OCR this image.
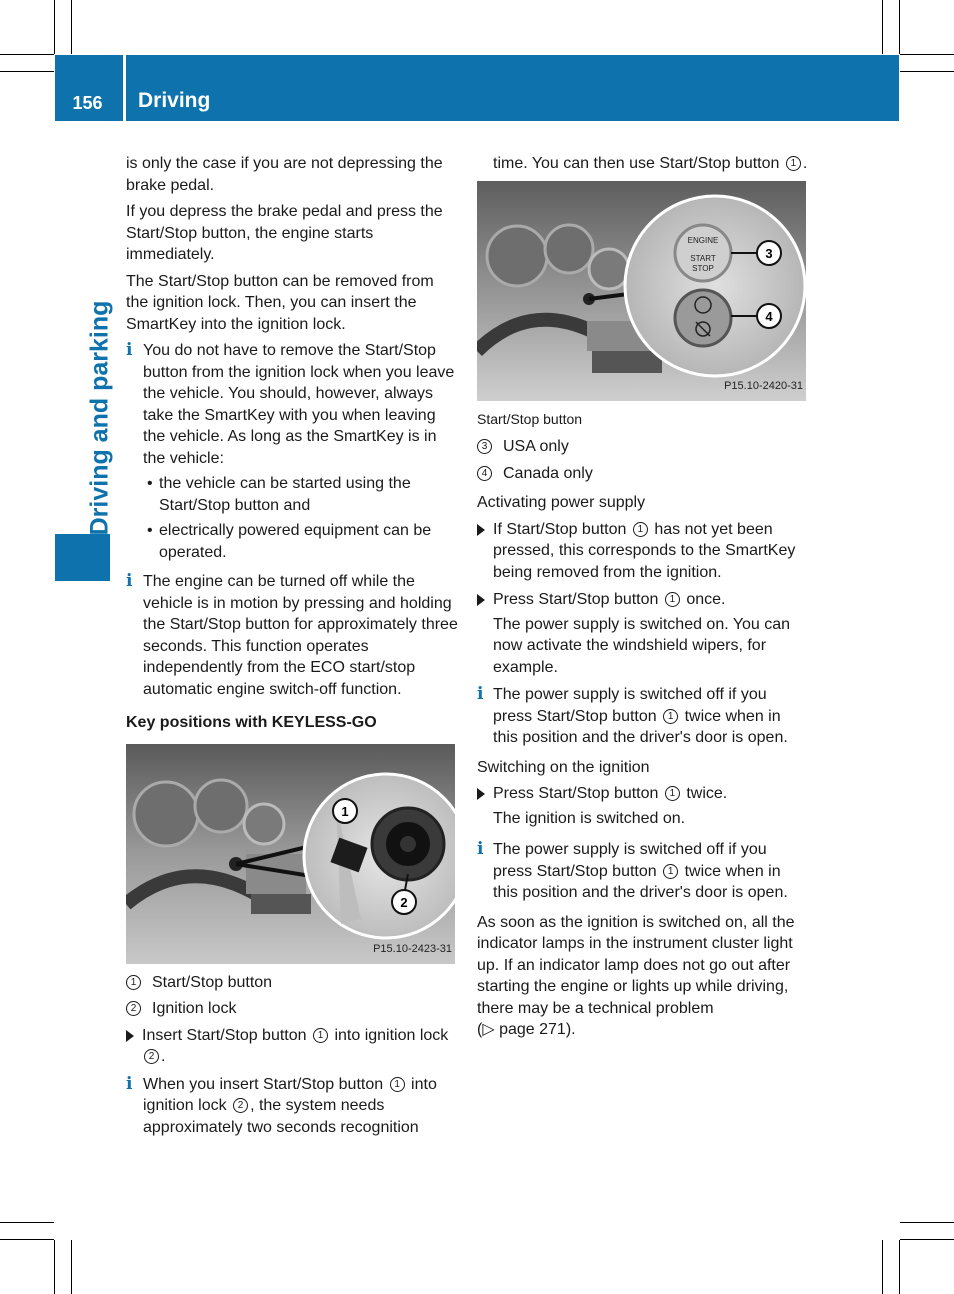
156	Driving
Driving and parking

is only the case if you are not depressing the brake pedal.

If you depress the brake pedal and press the Start/Stop button, the engine starts immediately.

The Start/Stop button can be removed from the ignition lock. Then, you can insert the SmartKey into the ignition lock.

i You do not have to remove the Start/Stop button from the ignition lock when you leave the vehicle. You should, however, always take the SmartKey with you when leaving the vehicle. As long as the SmartKey is in the vehicle:
• the vehicle can be started using the Start/Stop button and
• electrically powered equipment can be operated.
i The engine can be turned off while the vehicle is in motion by pressing and holding the Start/Stop button for approximately three seconds. This function operates independently from the ECO start/stop automatic engine switch-off function.
Key positions with KEYLESS-GO
1
2
P15.10-2423-31
1 Start/Stop button
2 Ignition lock
Insert Start/Stop button 1 into ignition lock 2 .
i When you insert Start/Stop button 1 into ignition lock 2 , the system needs approximately two seconds recognition

time. You can then use Start/Stop button 1 .

ENGINE
START
STOP
3
4
P15.10-2420-31
Start/Stop button
3 USA only
4 Canada only

Activating power supply

If Start/Stop button 1 has not yet been pressed, this corresponds to the SmartKey being removed from the ignition.
Press Start/Stop button 1 once.
The power supply is switched on. You can now activate the windshield wipers, for example.
i The power supply is switched off if you press Start/Stop button 1 twice when in this position and the driver's door is open.

Switching on the ignition

Press Start/Stop button 1 twice.
The ignition is switched on.
i The power supply is switched off if you press Start/Stop button 1 twice when in this position and the driver's door is open.

As soon as the ignition is switched on, all the indicator lamps in the instrument cluster light up. If an indicator lamp does not go out after starting the engine or lights up while driving, there may be a technical problem
(▷ page 271).
